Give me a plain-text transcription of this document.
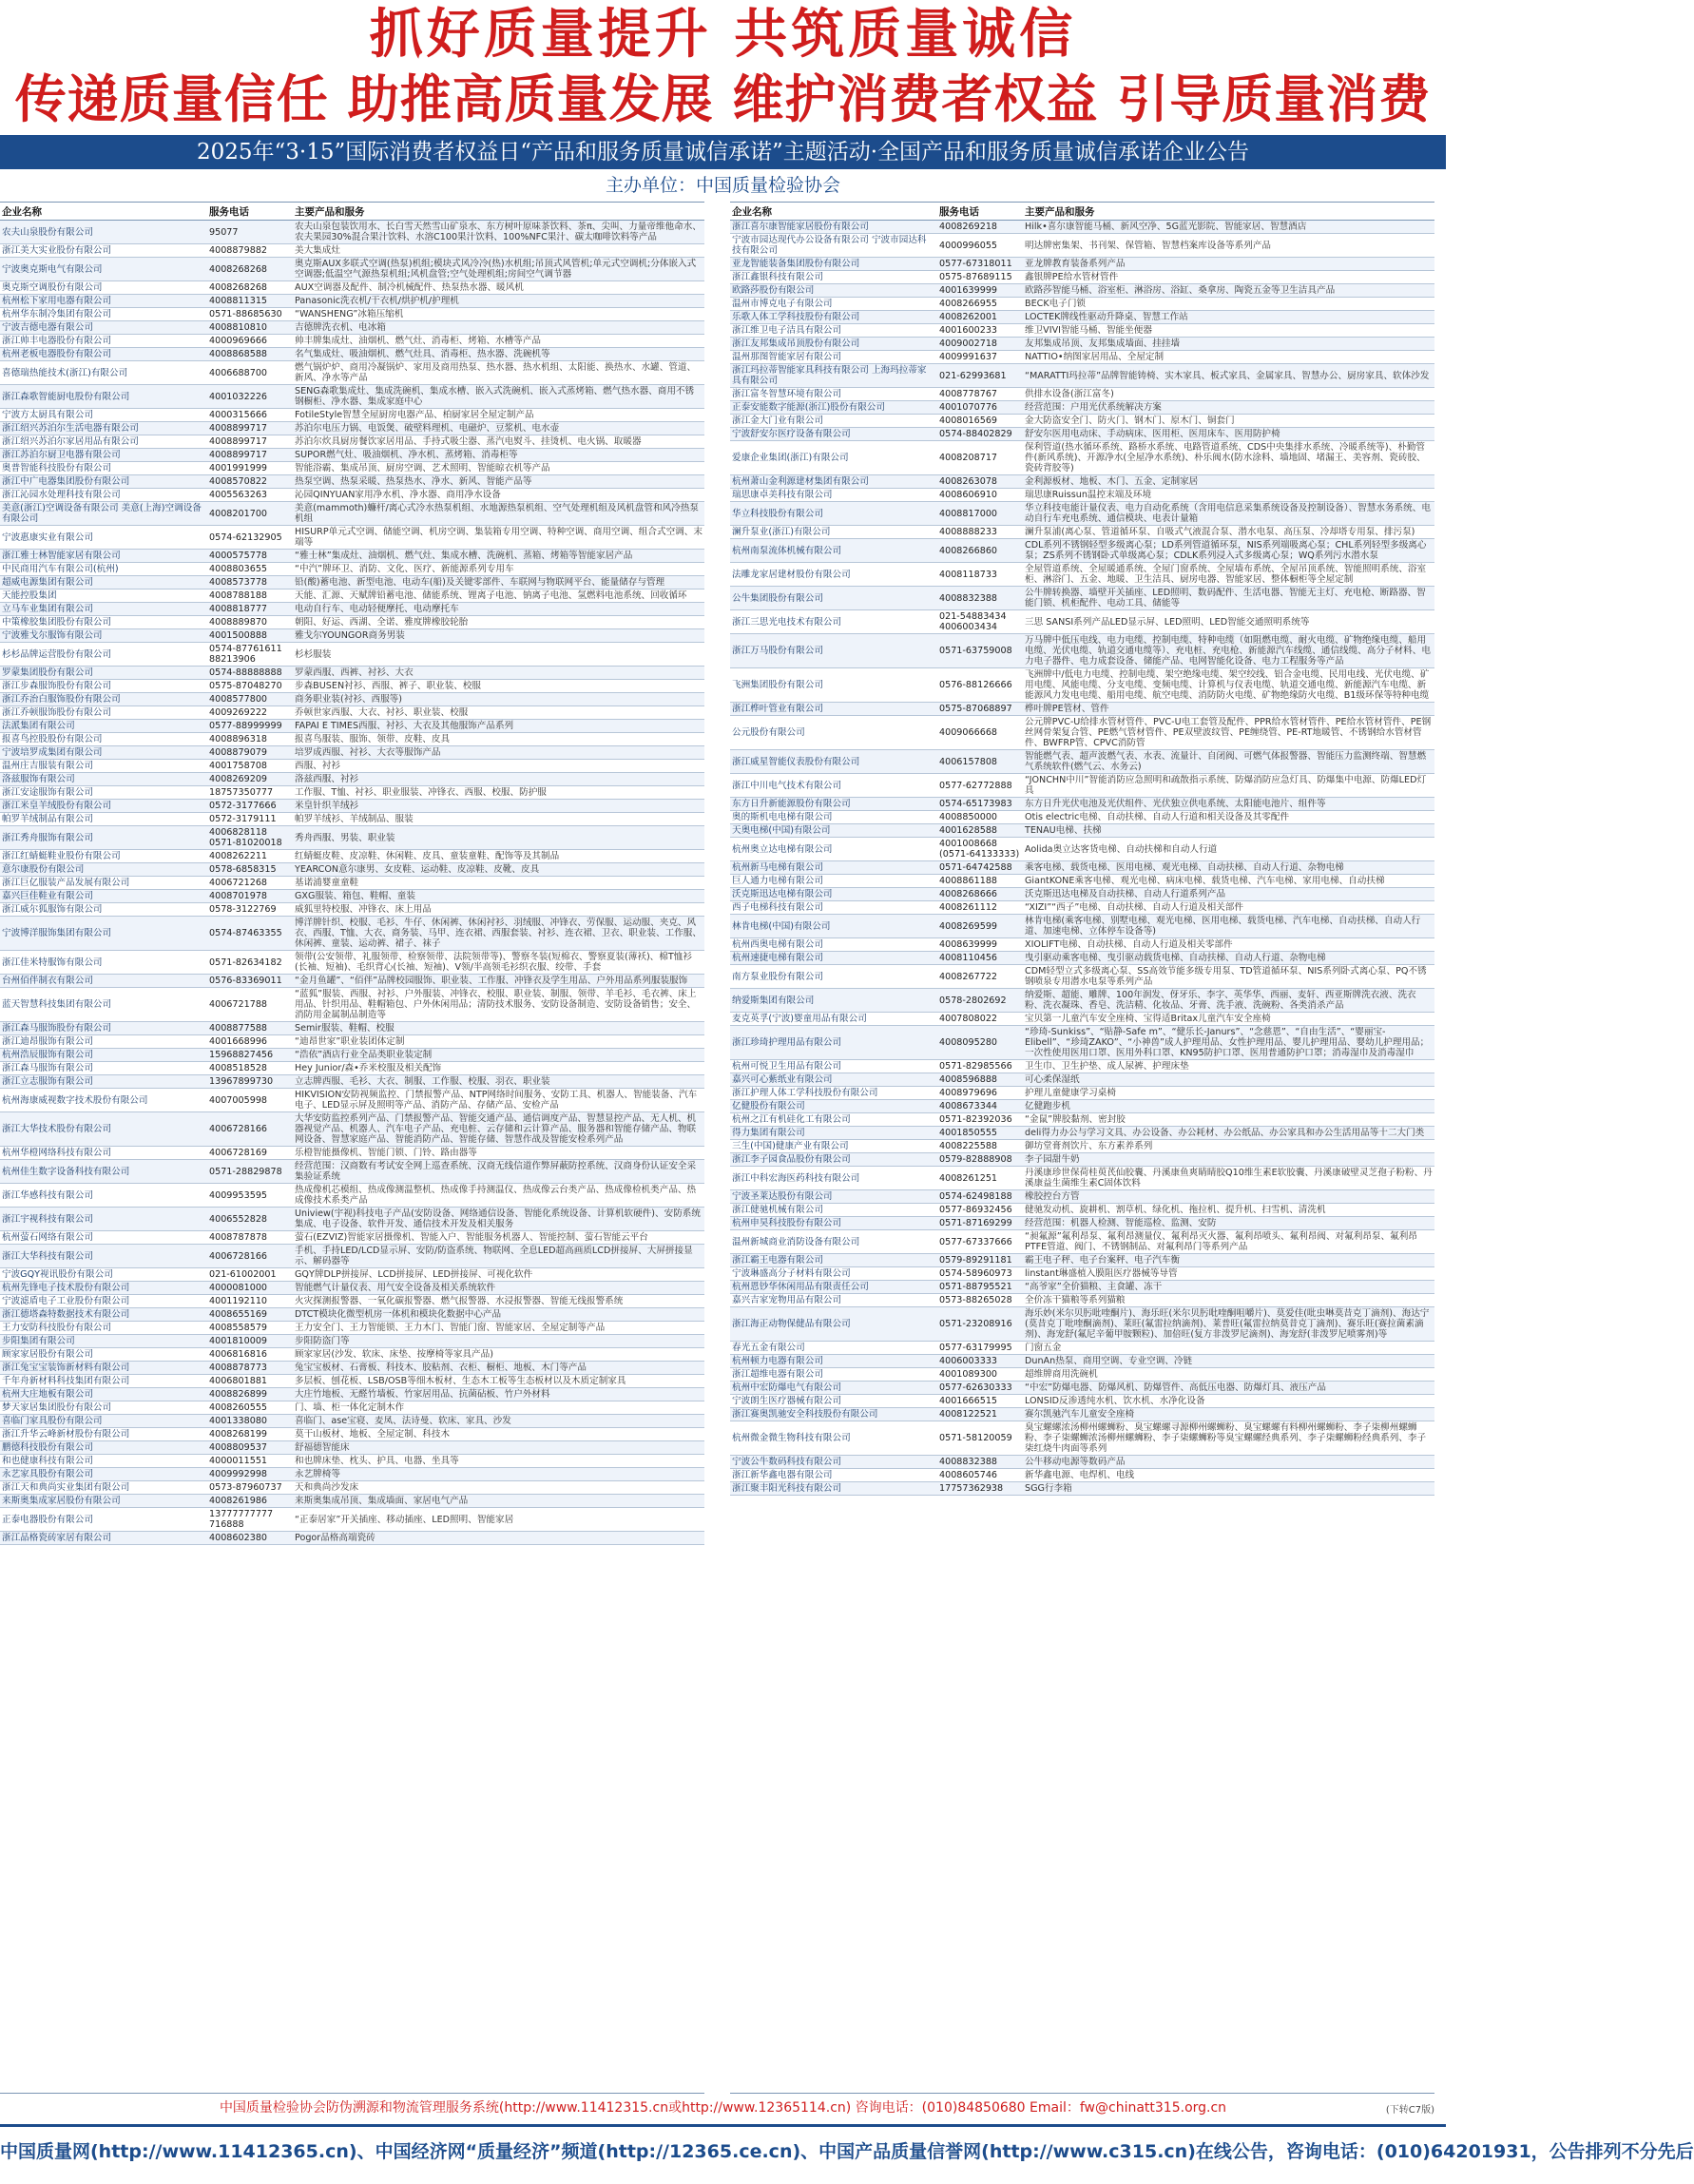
抓好质量提升 共筑质量诚信
传递质量信任 助推高质量发展 维护消费者权益 引导质量消费
2025年“3·15”国际消费者权益日“产品和服务质量诚信承诺”主题活动·全国产品和服务质量诚信承诺企业公告
主办单位：中国质量检验协会
企业名称	服务电话	主要产品和服务
农夫山泉股份有限公司	95077	农夫山泉包装饮用水、长白雪天然雪山矿泉水、东方树叶原味茶饮料、茶π、尖叫、力量帝维他命水、农夫果园30%混合果汁饮料、水溶C100果汁饮料、100%NFC果汁、碳太咖啡饮料等产品
浙江美大实业股份有限公司	4008879882	美大集成灶
宁波奥克斯电气有限公司	4008268268	奥克斯AUX多联式空调(热泵)机组;模块式风冷冷(热)水机组;吊顶式风管机;单元式空调机;分体嵌入式空调器;低温空气源热泵机组;风机盘管;空气处理机组;房间空气调节器
奥克斯空调股份有限公司	4008268268	AUX空调器及配件、制冷机械配件、热泵热水器、暖风机
杭州松下家用电器有限公司	4008811315	Panasonic洗衣机/干衣机/烘护机/护理机
杭州华东制冷集团有限公司	0571-88685630	“WANSHENG”冰箱压缩机
宁波吉德电器有限公司	4008810810	吉德牌洗衣机、电冰箱
浙江帅丰电器股份有限公司	4000969666	帅丰牌集成灶、油烟机、燃气灶、消毒柜、烤箱、水槽等产品
杭州老板电器股份有限公司	4008868588	名气集成灶、吸油烟机、燃气灶具、消毒柜、热水器、洗碗机等
喜德瑞热能技术(浙江)有限公司	4006688700	燃气锅炉炉、商用冷凝锅炉、家用及商用热泵、热水器、热水机组、太阳能、换热水、水罐、管道、新风、净水等产品
浙江森歌智能厨电股份有限公司	4001032226	SENG森歌集成灶、集成洗碗机、集成水槽、嵌入式洗碗机、嵌入式蒸烤箱、燃气热水器、商用不锈钢橱柜、净水器、集成家庭中心
宁波方太厨具有限公司	4000315666	FotileStyle智慧全屋厨房电器产品、柏厨家居全屋定制产品
浙江绍兴苏泊尔生活电器有限公司	4008899717	苏泊尔电压力锅、电饭煲、破壁料理机、电磁炉、豆浆机、电水壶
浙江绍兴苏泊尔家居用品有限公司	4008899717	苏泊尔炊具厨房餐饮家居用品、手持式吸尘器、蒸汽电熨斗、挂烫机、电火锅、取暖器
浙江苏泊尔厨卫电器有限公司	4008899717	SUPOR燃气灶、吸油烟机、净水机、蒸烤箱、消毒柜等
奥普智能科技股份有限公司	4001991999	智能浴霸、集成吊顶、厨房空调、艺术照明、智能晾衣机等产品
浙江中广电器集团股份有限公司	4008570822	热泵空调、热泵采暖、热泵热水、净水、新风、智能产品等
浙江沁园水处理科技有限公司	4005563263	沁园QINYUAN家用净水机、净水器、商用净水设备
美意(浙江)空调设备有限公司 美意(上海)空调设备有限公司	4008201700	美意(mammoth)蠊杆/离心式冷水热泵机组、水地源热泵机组、空气处理机组及风机盘管和风冷热泵机组
宁波惠康实业有限公司	0574-62132905	HISURP单元式空调、储能空调、机房空调、集装箱专用空调、特种空调、商用空调、组合式空调、末端等
浙江雅士林智能家居有限公司	4000575778	“雅士林”集成灶、油烟机、燃气灶、集成水槽、洗碗机、蒸箱、烤箱等智能家居产品
中民商用汽车有限公司(杭州)	4008803655	“中汽”牌环卫、消防、文化、医疗、新能源系列专用车
超威电源集团有限公司	4008573778	铅(酸)蓄电池、新型电池、电动车(船)及关键零部件、车联网与物联网平台、能量储存与管理
天能控股集团	4008788188	天能、汇源、天赋牌铅蓄电池、储能系统、锂离子电池、钠离子电池、氢燃料电池系统、回收循环
立马车业集团有限公司	4008818777	电动自行车、电动轻便摩托、电动摩托车
中策橡胶集团股份有限公司	4008889870	朝阳、好运、西湖、全诺、雅度牌橡胶轮胎
宁波雅戈尔服饰有限公司	4001500888	雅戈尔YOUNGOR商务男装
杉杉品牌运营股份有限公司	0574-87761611 88213906	杉杉服装
罗蒙集团股份有限公司	0574-88888888	罗蒙西服、西裤、衬衫、大衣
浙江步森服饰股份有限公司	0575-87048270	步森BUSEN衬衫、西服、裤子、职业装、校服
浙江乔治白服饰股份有限公司	4008577800	商务职业装(衬衫、西服等)
浙江乔顿服饰股份有限公司	4009269222	乔顿世家西服、大衣、衬衫、职业装、校服
法派集团有限公司	0577-88999999	FAPAI E TIMES西服、衬衫、大衣及其他服饰产品系列
报喜鸟控股股份有限公司	4008896318	报喜鸟服装、服饰、领带、皮鞋、皮具
宁波培罗成集团有限公司	4008879079	培罗成西服、衬衫、大衣等服饰产品
温州庄吉服装有限公司	4001758708	西服、衬衫
洛兹服饰有限公司	4008269209	洛兹西服、衬衫
浙江安途服饰有限公司	18757350777	工作服、T恤、衬衫、职业服装、冲锋衣、西服、校服、防护服
浙江米皇羊绒股份有限公司	0572-3177666	米皇针织羊绒衫
帕罗羊绒制品有限公司	0572-3179111	帕罗羊绒衫、羊绒制品、服装
浙江秀舟服饰有限公司	4006828118 0571-81020018	秀舟西服、男装、职业装
浙江红蜻蜓鞋业股份有限公司	4008262211	红蜻蜓皮鞋、皮凉鞋、休闲鞋、皮具、童装童鞋、配饰等及其制品
意尔康股份有限公司	0578-6858315	YEARCON意尔康男、女皮鞋、运动鞋、皮凉鞋、皮靴、皮具
浙江巨亿服装产品发展有限公司	4006721268	基诺浦婴童童鞋
嘉兴巨佳鞋业有限公司	4008701978	GXG服装、箱包、鞋帽、童装
浙江威尔狐服饰有限公司	0578-3122769	威狐里特校服、冲锋衣、床上用品
宁波博洋服饰集团有限公司	0574-87463355	博洋牌针织、校服、毛衫、牛仔、休闲裤、休闲衬衫、羽绒服、冲锋衣、劳保服、运动服、夹克、风衣、西服、T恤、大衣、商务装、马甲、连衣裙、西服套装、衬衫、连衣裙、卫衣、职业装、工作服、休闲裤、童装、运动裤、裙子、袜子
浙江佳米特服饰有限公司	0571-82634182	领带(公安领带、礼服领带、检察领带、法院领带等)、警察冬装(短棉衣、警察夏装(薄袄)、棉T恤衫(长袖、短袖)、毛织背心(长袖、短袖)、V领/半高领毛衫织衣服、绞带、手套
台州佰伴制衣有限公司	0576-83369011	“金月鱼罐”、“佰伴”品牌校园服饰、职业装、工作服、冲锋衣及学生用品、户外用品系列服装服饰
蓝天智慧科技集团有限公司	4006721788	“蓝狐”服装、西服、衬衫、户外服装、冲锋衣、校服、职业装、制服、领带、羊毛衫、毛衣裤、床上用品、针织用品、鞋帽箱包、户外休闲用品；清防技术服务、安防设备制造、安防设备销售；安全、消防用金属制品制造等
浙江森马服饰股份有限公司	4008877588	Semir服装、鞋帽、校服
浙江迪昂服饰有限公司	4001668996	“迪昂世家”职业装团体定制
杭州浩辰服饰有限公司	15968827456	“浩依”酒店行业全品类职业装定制
浙江森马服饰有限公司	4008518528	Hey Junior/森•乔米校服及相关配饰
浙江立志服饰有限公司	13967899730	立志牌西服、毛衫、大衣、制服、工作服、校服、羽衣、职业装
杭州海康威视数字技术股份有限公司	4007005998	HIKVISION安防视频监控、门禁报警产品、NTP网络时间服务、安防工具、机器人、智能装备、汽车电子、LED显示屏及照明等产品、消防产品、存储产品、安检产品
浙江大华技术股份有限公司	4006728166	大华安防监控系列产品、门禁报警产品、智能交通产品、通信调度产品、智慧显控产品、无人机、机器视觉产品、机器人、汽车电子产品、充电桩、云存储和云计算产品、服务器和智能存储产品、物联网设备、智慧家庭产品、智能消防产品、智能存储、智慧作战及智能安检系列产品
杭州华橙网络科技有限公司	4006728169	乐橙智能摄像机、智能门锁、门铃、路由器等
杭州佳生数字设备科技有限公司	0571-28829878	经营范围：汉商数有考试安全网上巡查系统、汉商无线信道作弊屏蔽防控系统、汉商身份认证安全采集验证系统
浙江华感科技有限公司	4009953595	热成像机芯模组、热成像测温整机、热成像手持测温仪、热成像云台类产品、热成像检机类产品、热成像技术系类产品
浙江宇视科技有限公司	4006552828	Uniview(宇视)科技电子产品(安防设备、网络通信设备、智能化系统设备、计算机软硬件)、安防系统集成、电子设备、软件开发、通信技术开发及相关服务
杭州萤石网络有限公司	4008787878	萤石(EZVIZ)智能家居摄像机、智能入户、智能服务机器人、智能控制、萤石智能云平台
浙江大华科技有限公司	4006728166	手机、手持LED/LCD显示屏、安防/防盗系统、物联网、全息LED超高画质LCD拼接屏、大屏拼接显示、解码器等
宁波GQY视讯股份有限公司	021-61002001	GQY牌DLP拼接屏、LCD拼接屏、LED拼接屏、可视化软件
杭州先锋电子技术股份有限公司	4000081000	智能燃气计量仪表、用气安全设备及相关系统软件
宁波滤盾电子工业股份有限公司	4001192110	火灾探测报警器、一氧化碳报警器、燃气报警器、水浸报警器、智能无线报警系统
浙江德塔森特数据技术有限公司	4008655169	DTCT模块化微型机房一体机和模块化数据中心产品
王力安防科技股份有限公司	4008558579	王力安全门、王力智能锁、王力木门、智能门窗、智能家居、全屋定制等产品
步阳集团有限公司	4001810009	步阳防盗门等
顾家家居股份有限公司	4006816816	顾家家居(沙发、软床、床垫、按摩椅等家具产品)
浙江兔宝宝装饰新材料有限公司	4008878773	兔宝宝板材、石膏板、科技木、胶粘剂、衣柜、橱柜、地板、木门等产品
千年舟新材料科技集团有限公司	4006801881	多层板、刨花板、LSB/OSB等细木板材、生态木工板等生态板材以及木质定制家具
杭州大庄地板有限公司	4008826899	大庄竹地板、无醛竹墙板、竹家居用品、抗菌砧板、竹户外材料
梦天家居集团股份有限公司	4008260555	门、墙、柜一体化定制木作
喜临门家具股份有限公司	4001338080	喜临门、ase宝寝、麦凤、法诗曼、软床、家具、沙发
浙江升华云峰新材股份有限公司	4008268199	莫干山板材、地板、全屋定制、科技木
鹏德科技股份有限公司	4008809537	舒福德智能床
和也健康科技有限公司	4000011551	和也牌床垫、枕头、护具、电器、坐具等
永艺家具股份有限公司	4009992998	永艺牌椅等
浙江天和典尚实业集团有限公司	0573-87960737	天和典尚沙发床
来斯奥集成家居股份有限公司	4008261986	来斯奥集成吊顶、集成墙面、家居电气产品
正泰电器股份有限公司	13777777777 716888	“正泰居家”开关插座、移动插座、LED照明、智能家居
浙江品格瓷砖家居有限公司	4008602380	Pogor品格高端瓷砖
企业名称	服务电话	主要产品和服务
浙江喜尔康智能家居股份有限公司	4008269218	Hilk•喜尔康智能马桶、新风空净、5G蓝光影院、智能家居、智慧酒店
宁波市园达现代办公设备有限公司 宁波市园达科技有限公司	4000996055	明达牌密集架、书刊架、保管箱、智慧档案库设备等系列产品
亚龙智能装备集团股份有限公司	0577-67318011	亚龙牌教育装备系列产品
浙江鑫银科技有限公司	0575-87689115	鑫银牌PE给水管材管件
欧路莎股份有限公司	4001639999	欧路莎智能马桶、浴室柜、淋浴房、浴缸、桑拿房、陶瓷五金等卫生洁具产品
温州市博克电子有限公司	4008266955	BECK电子门锁
乐歌人体工学科技股份有限公司	4008262001	LOCTEK牌线性驱动升降桌、智慧工作站
浙江维卫电子洁具有限公司	4001600233	维卫VIVI智能马桶、智能坐便器
浙江友邦集成吊顶股份有限公司	4009002718	友邦集成吊顶、友邦集成墙面、挂挂墙
温州那图智能家居有限公司	4009991637	NATTIO•纳图家居用品、全屋定制
浙江玛拉蒂智能家具科技有限公司 上海玛拉蒂家具有限公司	021-62993681	“MARATTI玛拉蒂”品牌智能铸椅、实木家具、板式家具、金属家具、智慧办公、厨房家具、软体沙发
浙江富冬智慧环境有限公司	4008778767	供排水设备(浙江富冬)
正泰安能数字能源(浙江)股份有限公司	4001070776	经营范围：户用光伏系统解决方案
浙江金大门业有限公司	4008016569	金大防盗安全门、防火门、钢木门、原木门、铜套门
宁波舒安尔医疗设备有限公司	0574-88402829	舒安尔医用电动床、手动病床、医用柜、医用床车、医用防护椅
爱康企业集团(浙江)有限公司	4008208717	保利管道(热水循环系统、路桥水系统、电路管道系统、CDS中央集排水系统、冷暖系统等)、朴勤管件(新风系统)、开源净水(全屋净水系统)、朴乐阀水(防水涂料、墙地固、堵漏王、美容剂、瓷砖胶、瓷砖背胶等)
杭州萧山金利源建材集团有限公司	4008263078	金利源板材、地板、木门、五金、定制家居
瑞思康卓美科技有限公司	4008606910	瑞思康Ruissun温控末端及环境
华立科技股份有限公司	4008817000	华立科技电能计量仪表、电力自动化系统（含用电信息采集系统设备及控制设备）、智慧水务系统、电动自行车充电系统、通信模块、电表计量箱
澜升泵业(浙江)有限公司	4008888233	澜升泵浦(离心泵、管道循环泵、自吸式气液混合泵、潜水电泵、高压泵、冷却塔专用泵、排污泵)
杭州南泵流体机械有限公司	4008266860	CDL系列不锈钢轻型多级离心泵；LD系列管道循环泵，NIS系列端吸离心泵；CHL系列轻型多级离心泵；ZS系列不锈钢卧式单级离心泵；CDLK系列浸入式多级离心泵；WQ系列污水潜水泵
法雕龙家居建材股份有限公司	4008118733	全屋管道系统、全屋暖通系统、全屋门窗系统、全屋墙布系统、全屋吊顶系统、智能照明系统、浴室柜、淋浴门、五金、地暖、卫生洁具、厨房电器、智能家居、整体橱柜等全屋定制
公牛集团股份有限公司	4008832388	公牛牌转换器、墙壁开关插座、LED照明、数码配件、生活电器、智能无主灯、充电枪、断路器、智能门锁、机柜配件、电动工具、储能等
浙江三思光电技术有限公司	021-54883434 4006003434	三思 SANSI系列产品LED显示屏、LED照明、LED智能交通照明系统等
浙江万马股份有限公司	0571-63759008	万马牌中低压电线、电力电缆、控制电缆、特种电缆（如阻燃电缆、耐火电缆、矿物绝缘电缆、船用电缆、光伏电缆、轨道交通电缆等）、充电桩、充电枪、新能源汽车线缆、通信线缆、高分子材料、电力电子器件、电力成套设备、储能产品、电网智能化设备、电力工程服务等产品
飞洲集团股份有限公司	0576-88126666	飞洲牌中/低电力电缆、控制电缆、架空绝缘电缆、架空绞线、铝合金电缆、民用电线、光伏电缆、矿用电缆、风能电缆、分支电缆、变频电缆、计算机与仪表电缆、轨道交通电缆、新能源汽车电缆、新能源风力发电电缆、船用电缆、航空电缆、消防防火电缆、矿物绝缘防火电缆、B1级环保等特种电缆
浙江桦叶管业有限公司	0575-87068897	桦叶牌PE管材、管件
公元股份有限公司	4009066668	公元牌PVC-U给排水管材管件、PVC-U电工套管及配件、PPR给水管材管件、PE给水管材管件、PE钢丝网骨架复合管、PE燃气管材管件、PE双壁波纹管、PE缠绕管、PE-RT地暖管、不锈钢给水管材管件、BWFRP管、CPVC消防管
浙江威星智能仪表股份有限公司	4006157808	智能燃气表、超声波燃气表、水表、流量计、自闭阀、可燃气体报警器、智能压力监测终端、智慧燃气系统软件(燃气云、水务云)
浙江中川电气技术有限公司	0577-62772888	“JONCHN中川”智能消防应急照明和疏散指示系统、防爆消防应急灯具、防爆集中电源、防爆LED灯具
东方日升新能源股份有限公司	0574-65173983	东方日升光伏电池及光伏组件、光伏独立供电系统、太阳能电池片、组件等
奥的斯机电电梯有限公司	4008850000	Otis electric电梯、自动扶梯、自动人行道和相关设备及其零配件
天奥电梯(中国)有限公司	4001628588	TENAU电梯、扶梯
杭州奥立达电梯有限公司	4001008668 (0571-64133333)	Aolida奥立达客货电梯、自动扶梯和自动人行道
杭州新马电梯有限公司	0571-64742588	乘客电梯、载货电梯、医用电梯、观光电梯、自动扶梯、自动人行道、杂物电梯
巨人通力电梯有限公司	4008861188	GiantKONE乘客电梯、观光电梯、病床电梯、载货电梯、汽车电梯、家用电梯、自动扶梯
沃克斯迅达电梯有限公司	4008268666	沃克斯迅达电梯及自动扶梯、自动人行道系列产品
西子电梯科技有限公司	4008261112	“XIZI”“西子”电梯、自动扶梯、自动人行道及相关部件
林肯电梯(中国)有限公司	4008269599	林肯电梯(乘客电梯、别墅电梯、观光电梯、医用电梯、载货电梯、汽车电梯、自动扶梯、自动人行道、加速电梯、立体停车设备等)
杭州西奥电梯有限公司	4008639999	XIOLIFT电梯、自动扶梯、自动人行道及相关零部件
杭州速捷电梯有限公司	4008110456	曳引驱动乘客电梯、曳引驱动载货电梯、自动扶梯、自动人行道、杂物电梯
南方泵业股份有限公司	4008267722	CDM轻型立式多级离心泵、SS高效节能多级专用泵、TD管道循环泵、NIS系列卧式离心泵、PQ不锈钢喷泉专用潜水电泵等系列产品
纳爱斯集团有限公司	0578-2802692	纳爱斯、超能、雕牌、100年润发、伢牙乐、李字、英华华、西丽、麦轩、西亚斯牌洗衣液、洗衣粉、洗衣凝珠、香皂、洗洁精、化妆品、牙膏、洗手液、洗碗粉、各类消杀产品
麦克英孚(宁波)婴童用品有限公司	4007808022	宝贝第一儿童汽车安全座椅、宝得适Britax儿童汽车安全座椅
浙江珍琦护理用品有限公司	4008095280	“珍琦-Sunkiss”、“贴静-Safe m”、“健乐长-Janurs”、“念慈恩”、“自由生活”、“婴丽宝-Elibell”、“珍琦ZAKO”、“小神兽”成人护理用品、女性护理用品、婴儿护理用品、婴幼儿护理用品；一次性使用医用口罩、医用外科口罩、KN95防护口罩、医用普通防护口罩；消毒湿巾及消毒湿巾
杭州可悦卫生用品有限公司	0571-82985566	卫生巾、卫生护垫、成人尿裤、护理床垫
嘉兴可心紫纸业有限公司	4008596888	可心柔保湿纸
浙江护理人体工学科技股份有限公司	4008979696	护理儿童健康学习桌椅
亿健股份有限公司	4008673344	亿健跑步机
杭州之江有机硅化工有限公司	0571-82392036	“金鼠”牌胶黏剂、密封胶
得力集团有限公司	4001850555	deli得力办公与学习文具、办公设备、办公耗材、办公纸品、办公家具和办公生活用品等十二大门类
三生(中国)健康产业有限公司	4008225588	御坊堂膏剂饮片、东方素养系列
浙江李子园食品股份有限公司	0579-82888908	李子园甜牛奶
浙江中科宏海医药科技有限公司	4008261251	丹溪康珍世保荷桂萸芪仙胶囊、丹溪康鱼爽睛睛胶Q10维生素E软胶囊、丹溪康破壁灵芝孢子粉粉、丹溪康益生菌维生素C固体饮料
宁波圣莱达股份有限公司	0574-62498188	橡胶控台方管
浙江健驰机械有限公司	0577-86932456	健驰发动机、旋耕机、割草机、绿化机、拖拉机、提升机、扫雪机、清洗机
杭州申昊科技股份有限公司	0571-87169299	经营范围：机器人检测、智能巡检、监测、安防
温州新城商业消防设备有限公司	0577-67337666	“昶氟源”氟利昂泵、氟利昂测量仪、氟利昂灭火器、氟利昂喷头、氟利昂阀、对氟利昂泵、氟利昂PTFE管道、阀门、不锈钢制品、对氟利昂门等系列产品
浙江霸王电器有限公司	0579-89291181	霸王电子秤、电子台案秤、电子汽车衡
宁波琳盛高分子材料有限公司	0574-58960973	linstant琳盛植入膜阻医疗器械等导管
杭州恩钞华休闲用品有限责任公司	0571-88795521	“高爷家”全价猫粮、主食罐、冻干
嘉兴吉家宠物用品有限公司	0573-88265028	全价冻干猫粮等系列猫粮
浙江海正动物保健品有限公司	0571-23208916	海乐妙(米尔贝肟吡喹酮片)、海乐旺(米尔贝肟吡喹酮咀嚼片)、莫爱佳(吡虫啉莫昔克丁滴剂)、海达宁(莫昔克丁吡喹酮滴剂)、莱旺(氟雷拉纳滴剂)、莱普旺(氟雷拉纳莫昔克丁滴剂)、赛乐旺(赛拉菌素滴剂)、海宠舒(氟尼辛葡甲胺颗粒)、加倍旺(复方非泼罗尼滴剂)、海宠舒(非泼罗尼喷雾剂)等
春光五金有限公司	0577-63179995	门窗五金
杭州顿力电器有限公司	4006003333	DunAn热泵、商用空调、专业空调、冷链
浙江超维电器有限公司	4001089300	超维牌商用洗碗机
杭州中宏防爆电气有限公司	0577-62630333	“中宏”防爆电器、防爆风机、防爆管件、高低压电器、防爆灯具、液压产品
宁波朗生医疗器械有限公司	4001666515	LONSID反渗透纯水机、饮水机、水净化设备
浙江赛奥凯驰安全科技股份有限公司	4008122521	赛尔凯驰汽车儿童安全座椅
杭州微金微生物科技有限公司	0571-58120059	臭宝螺螺浓汤柳州螺蛳粉、臭宝螺螺寻源柳州螺蛳粉、臭宝螺螺有料柳州螺蛳粉、李子柒柳州螺蛳粉、李子柒螺蛳浓汤柳州螺蛳粉、李子柒螺蛳粉等臭宝螺螺经典系列、李子柒螺蛳粉经典系列、李子柒红烧牛肉面等系列
宁波公牛数码科技有限公司	4008832388	公牛移动电源等数码产品
浙江新华鑫电器有限公司	4008605746	新华鑫电源、电焊机、电线
浙江聚丰阳光科技有限公司	17757362938	SGG行李箱
中国质量检验协会防伪溯源和物流管理服务系统(http://www.11412315.cn或http://www.12365114.cn) 咨询电话：(010)84850680 Email：fw@chinatt315.org.cn	(下转C7版)
中国质量网(http://www.11412365.cn)、中国经济网“质量经济”频道(http://12365.ce.cn)、中国产品质量信誉网(http://www.c315.cn)在线公告，咨询电话：(010)64201931，公告排列不分先后
